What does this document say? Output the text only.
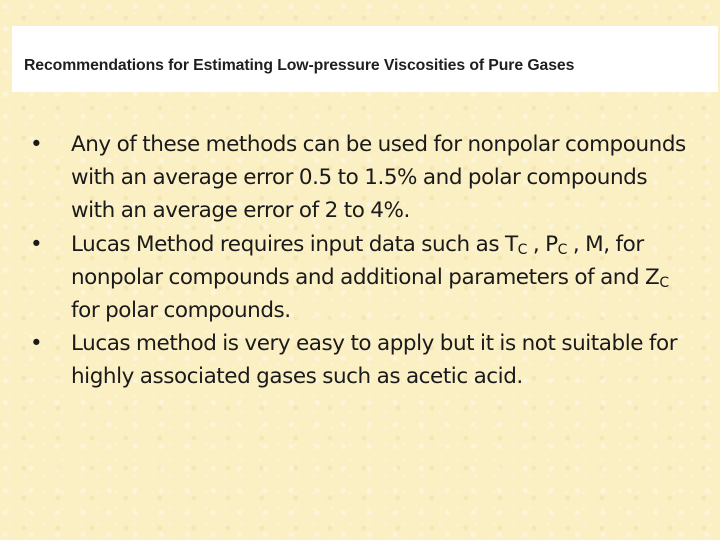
Recommendations for Estimating Low-pressure Viscosities of Pure Gases
•	Any of these methods can be used for nonpolar compounds with an average error 0.5 to 1.5% and polar compounds with an average error of 2 to 4%.
•	Lucas Method requires input data such as $T_C$ , $P_C$ , M, for nonpolar compounds and additional parameters of and $Z_C$ for polar compounds.
•	Lucas method is very easy to apply but it is not suitable for highly associated gases such as acetic acid.
